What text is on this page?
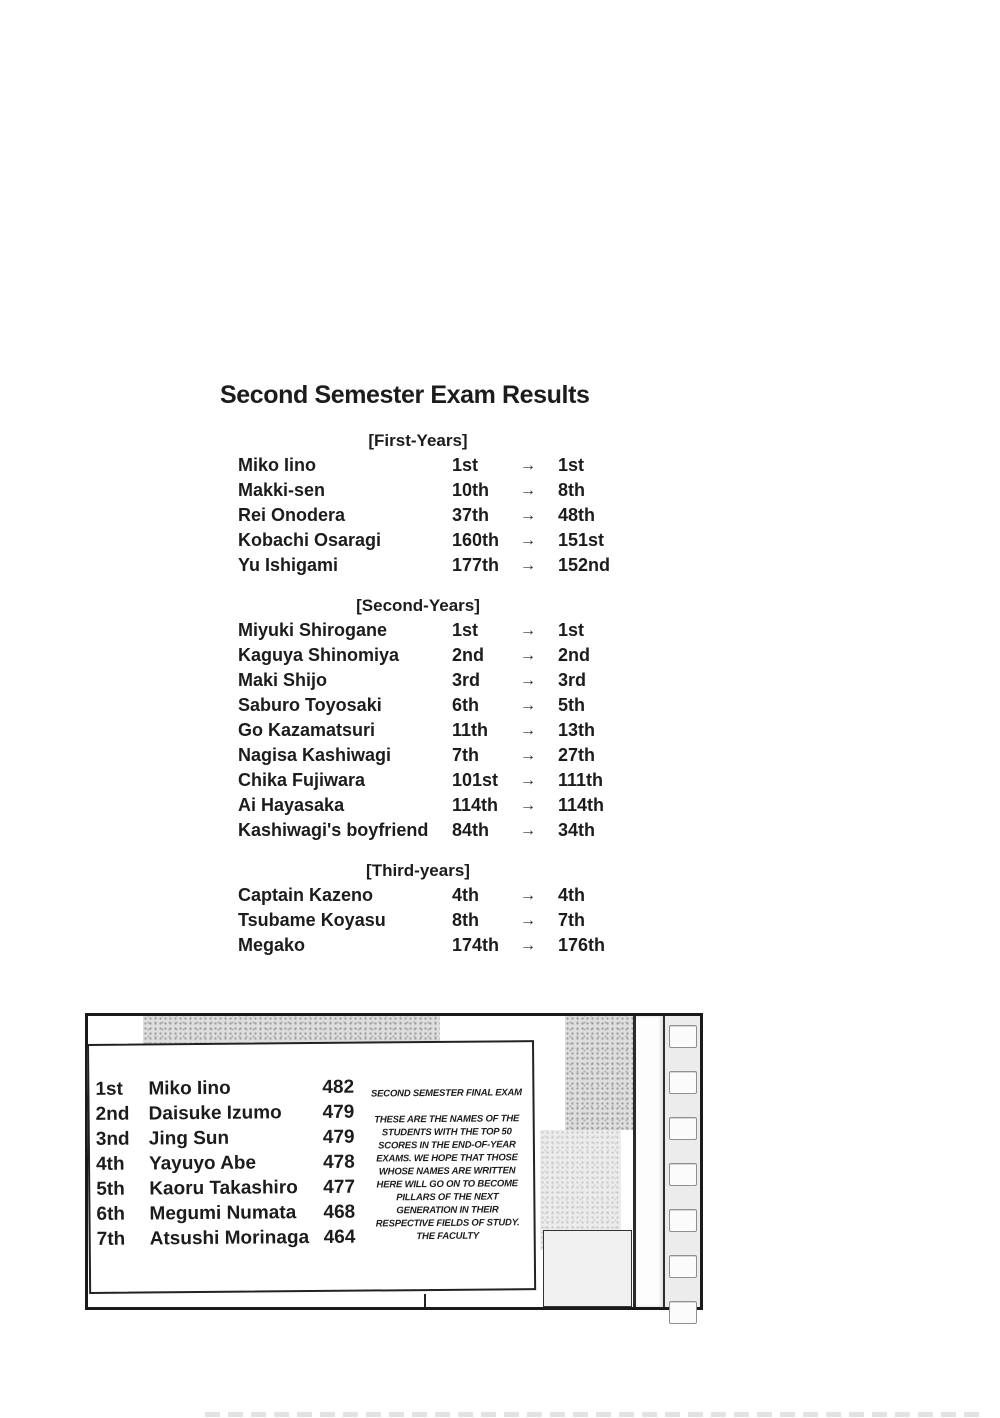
Second Semester Exam Results
[First-Years]
Miko Iino	1st	→	1st
Makki-sen	10th	→	8th
Rei Onodera	37th	→	48th
Kobachi Osaragi	160th	→	151st
Yu Ishigami	177th	→	152nd
[Second-Years]
Miyuki Shirogane	1st	→	1st
Kaguya Shinomiya	2nd	→	2nd
Maki Shijo	3rd	→	3rd
Saburo Toyosaki	6th	→	5th
Go Kazamatsuri	11th	→	13th
Nagisa Kashiwagi	7th	→	27th
Chika Fujiwara	101st	→	111th
Ai Hayasaka	114th	→	114th
Kashiwagi's boyfriend	84th	→	34th
[Third-years]
Captain Kazeno	4th	→	4th
Tsubame Koyasu	8th	→	7th
Megako	174th	→	176th
1st	Miko Iino	482
2nd	Daisuke Izumo	479
3nd	Jing Sun	479
4th	Yayuyo Abe	478
5th	Kaoru Takashiro	477
6th	Megumi Numata	468
7th	Atsushi Morinaga 464
SECOND SEMESTER FINAL EXAM
THESE ARE THE NAMES OF THE STUDENTS WITH THE TOP 50 SCORES IN THE END-OF-YEAR EXAMS. WE HOPE THAT THOSE WHOSE NAMES ARE WRITTEN HERE WILL GO ON TO BECOME PILLARS OF THE NEXT GENERATION IN THEIR RESPECTIVE FIELDS OF STUDY.
THE FACULTY
